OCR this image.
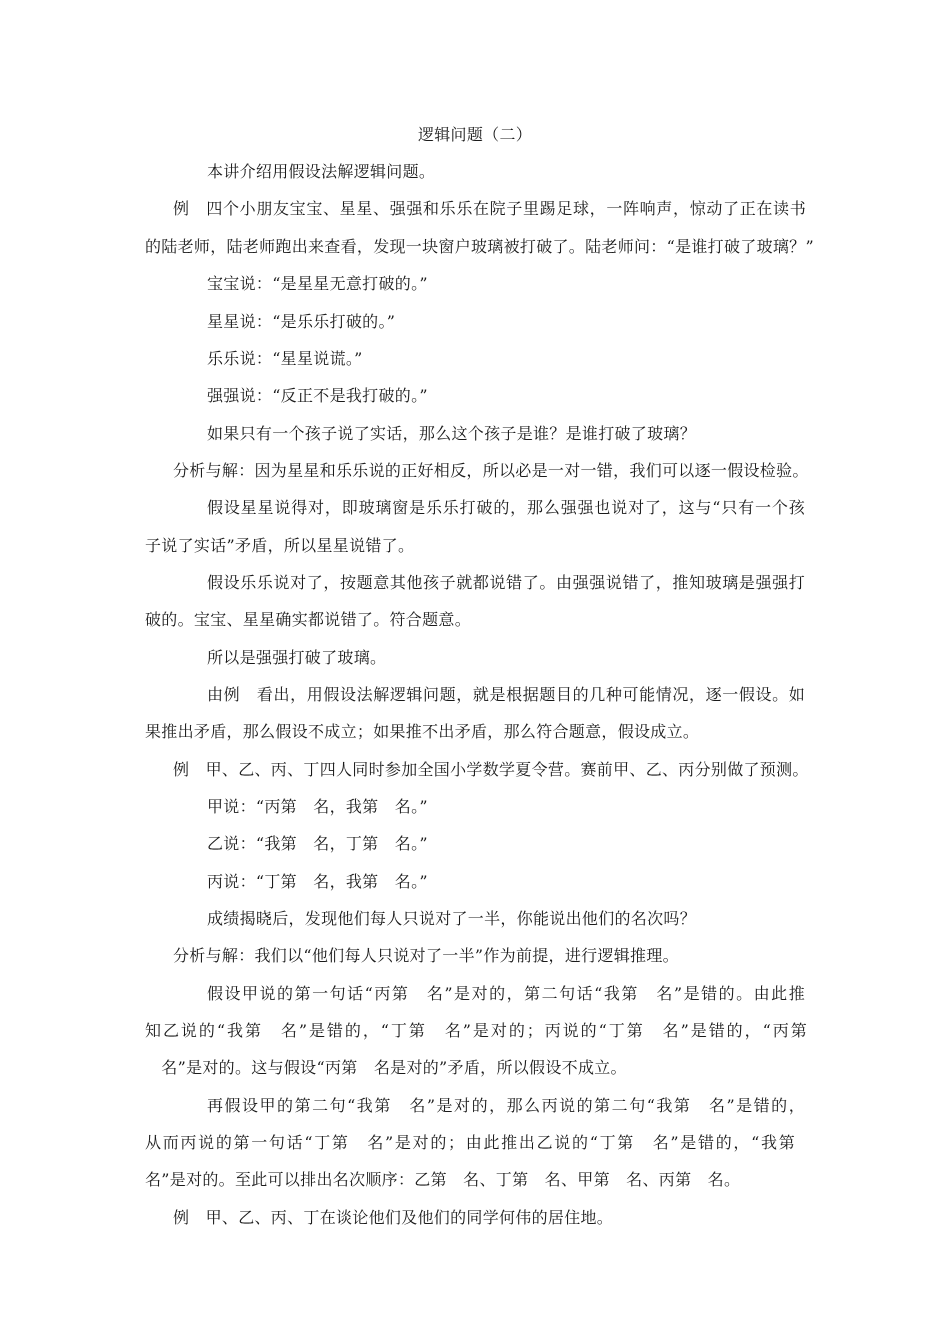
逻辑问题（二）
本讲介绍用假设法解逻辑问题。
例　四个小朋友宝宝、星星、强强和乐乐在院子里踢足球，一阵响声，惊动了正在读书
的陆老师，陆老师跑出来查看，发现一块窗户玻璃被打破了。陆老师问：“是谁打破了玻璃？”
宝宝说：“是星星无意打破的。”
星星说：“是乐乐打破的。”
乐乐说：“星星说谎。”
强强说：“反正不是我打破的。”
如果只有一个孩子说了实话，那么这个孩子是谁？是谁打破了玻璃？
分析与解：因为星星和乐乐说的正好相反，所以必是一对一错，我们可以逐一假设检验。
假设星星说得对，即玻璃窗是乐乐打破的，那么强强也说对了，这与“只有一个孩
子说了实话”矛盾，所以星星说错了。
假设乐乐说对了，按题意其他孩子就都说错了。由强强说错了，推知玻璃是强强打
破的。宝宝、星星确实都说错了。符合题意。
所以是强强打破了玻璃。
由例　看出，用假设法解逻辑问题，就是根据题目的几种可能情况，逐一假设。如
果推出矛盾，那么假设不成立；如果推不出矛盾，那么符合题意，假设成立。
例　甲、乙、丙、丁四人同时参加全国小学数学夏令营。赛前甲、乙、丙分别做了预测。
甲说：“丙第　名，我第　名。”
乙说：“我第　名，丁第　名。”
丙说：“丁第　名，我第　名。”
成绩揭晓后，发现他们每人只说对了一半，你能说出他们的名次吗？
分析与解：我们以“他们每人只说对了一半”作为前提，进行逻辑推理。
假设甲说的第一句话“丙第　名”是对的，第二句话“我第　名”是错的。由此推
知乙说的“我第　名”是错的，“丁第　名”是对的；丙说的“丁第　名”是错的，“丙第
　名”是对的。这与假设“丙第　名是对的”矛盾，所以假设不成立。
再假设甲的第二句“我第　名”是对的，那么丙说的第二句“我第　名”是错的，
从而丙说的第一句话“丁第　名”是对的；由此推出乙说的“丁第　名”是错的，“我第
名”是对的。至此可以排出名次顺序：乙第　名、丁第　名、甲第　名、丙第　名。
例　甲、乙、丙、丁在谈论他们及他们的同学何伟的居住地。
